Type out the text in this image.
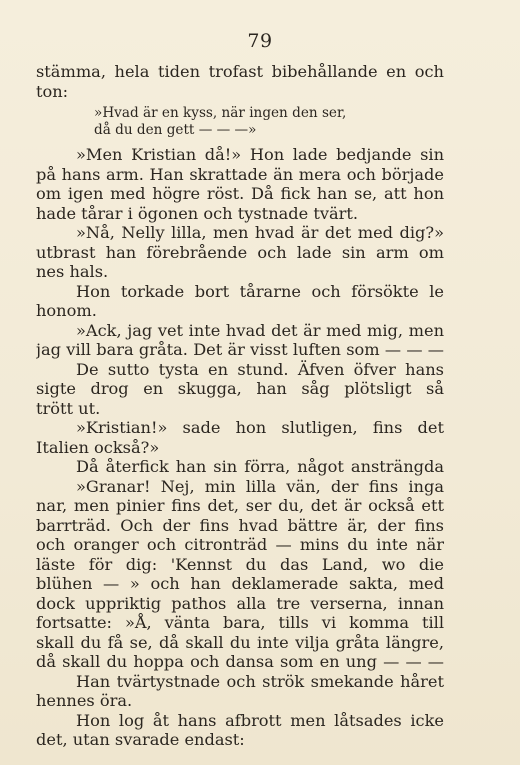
79
stämma, hela tiden trofast bibehållande en och
ton:
»Hvad är en kyss, när ingen den ser,
då du den gett — — —»
»Men Kristian då!» Hon lade bedjande sin
på hans arm. Han skrattade än mera och började
om igen med högre röst. Då fick han se, att hon
hade tårar i ögonen och tystnade tvärt.
»Nå, Nelly lilla, men hvad är det med dig?»
utbrast han förebrående och lade sin arm om
nes hals.
Hon torkade bort tårarne och försökte le
honom.
»Ack, jag vet inte hvad det är med mig, men
jag vill bara gråta. Det är visst luften som — — —
De sutto tysta en stund. Äfven öfver hans
sigte drog en skugga, han såg plötsligt så
trött ut.
»Kristian!» sade hon slutligen, fins det
Italien också?»
Då återfick han sin förra, något ansträngda
»Granar! Nej, min lilla vän, der fins inga
nar, men pinier fins det, ser du, det är också ett
barrträd. Och der fins hvad bättre är, der fins
och oranger och citronträd — mins du inte när
läste för dig: 'Kennst du das Land, wo die
blühen — » och han deklamerade sakta, med
dock uppriktig pathos alla tre verserna, innan
fortsatte: »Å, vänta bara, tills vi komma till
skall du få se, då skall du inte vilja gråta längre,
då skall du hoppa och dansa som en ung — — —
Han tvärtystnade och strök smekande håret
hennes öra.
Hon log åt hans afbrott men låtsades icke
det, utan svarade endast:
